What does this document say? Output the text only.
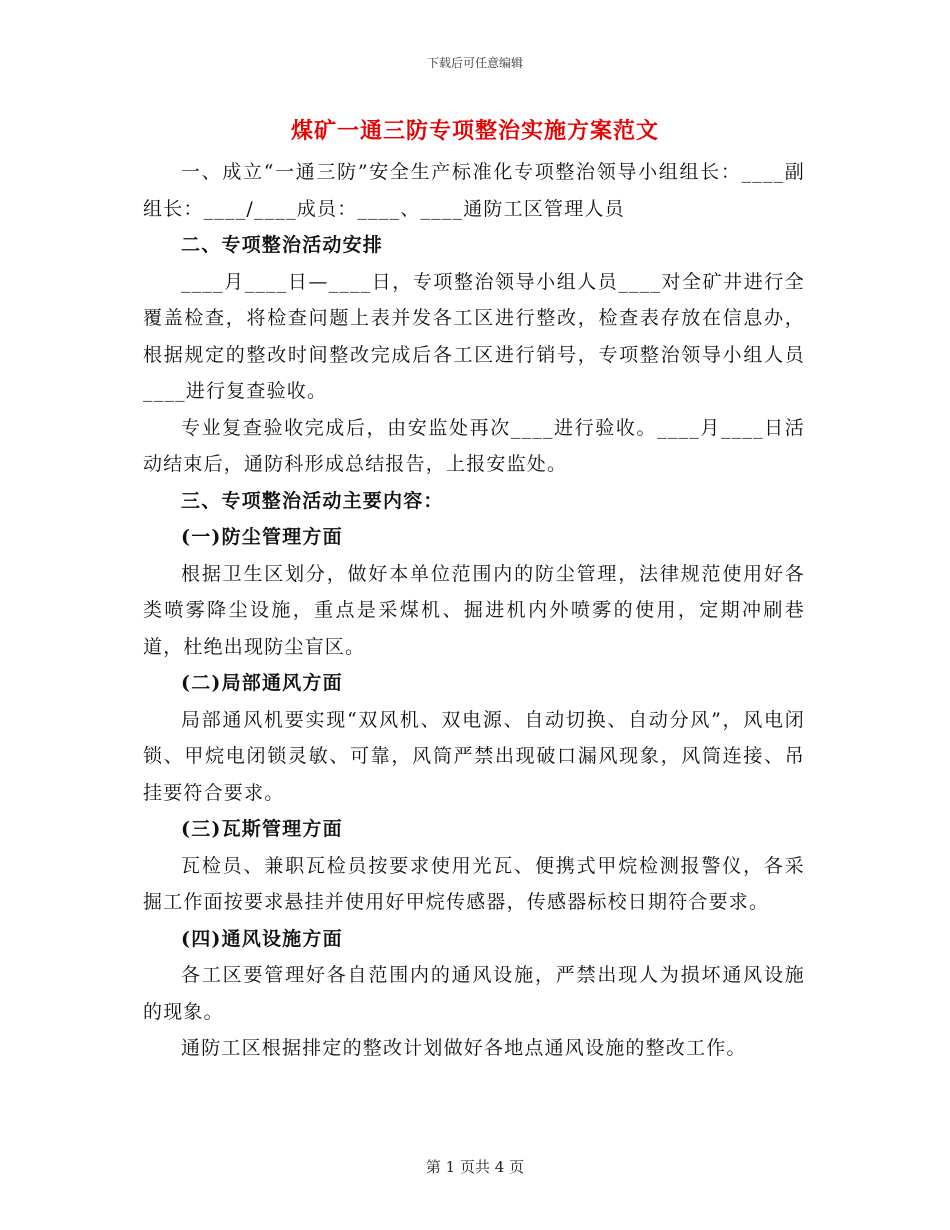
下载后可任意编辑
煤矿一通三防专项整治实施方案范文

一、成立“一通三防”安全生产标准化专项整治领导小组组长：____副组长：____/____成员：____、____通防工区管理人员

二、专项整治活动安排

____月____日—____日，专项整治领导小组人员____对全矿井进行全覆盖检查，将检查问题上表并发各工区进行整改，检查表存放在信息办，根据规定的整改时间整改完成后各工区进行销号，专项整治领导小组人员____进行复查验收。

专业复查验收完成后，由安监处再次____进行验收。____月____日活动结束后，通防科形成总结报告，上报安监处。

三、专项整治活动主要内容：

(一)防尘管理方面

根据卫生区划分，做好本单位范围内的防尘管理，法律规范使用好各类喷雾降尘设施，重点是采煤机、掘进机内外喷雾的使用，定期冲刷巷道，杜绝出现防尘盲区。

(二)局部通风方面

局部通风机要实现“双风机、双电源、自动切换、自动分风”，风电闭锁、甲烷电闭锁灵敏、可靠，风筒严禁出现破口漏风现象，风筒连接、吊挂要符合要求。

(三)瓦斯管理方面

瓦检员、兼职瓦检员按要求使用光瓦、便携式甲烷检测报警仪，各采掘工作面按要求悬挂并使用好甲烷传感器，传感器标校日期符合要求。

(四)通风设施方面

各工区要管理好各自范围内的通风设施，严禁出现人为损坏通风设施的现象。

通防工区根据排定的整改计划做好各地点通风设施的整改工作。

第 1 页共 4 页
